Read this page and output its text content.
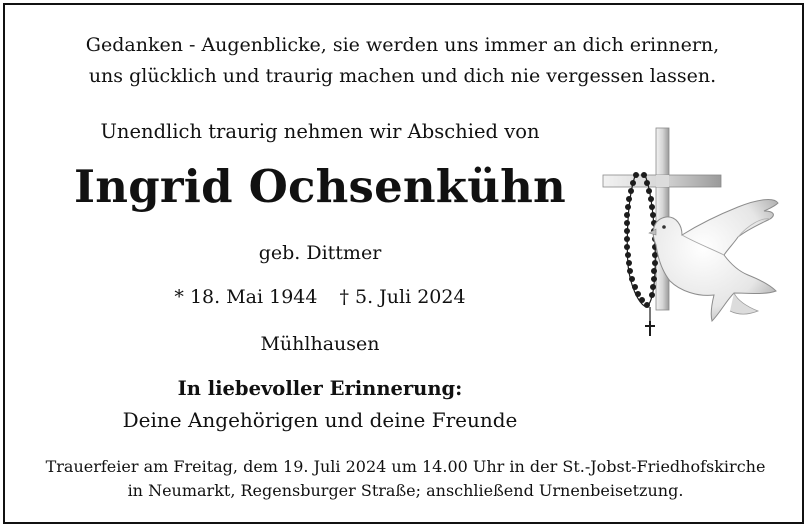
Gedanken - Augenblicke, sie werden uns immer an dich erinnern,
uns glücklich und traurig machen und dich nie vergessen lassen.
Unendlich traurig nehmen wir Abschied von
Ingrid Ochsenkühn
geb. Dittmer
* 18. Mai 1944 † 5. Juli 2024
Mühlhausen
In liebevoller Erinnerung:
Deine Angehörigen und deine Freunde
Trauerfeier am Freitag, dem 19. Juli 2024 um 14.00 Uhr in der St.-Jobst-Friedhofskirche
in Neumarkt, Regensburger Straße; anschließend Urnenbeisetzung.
